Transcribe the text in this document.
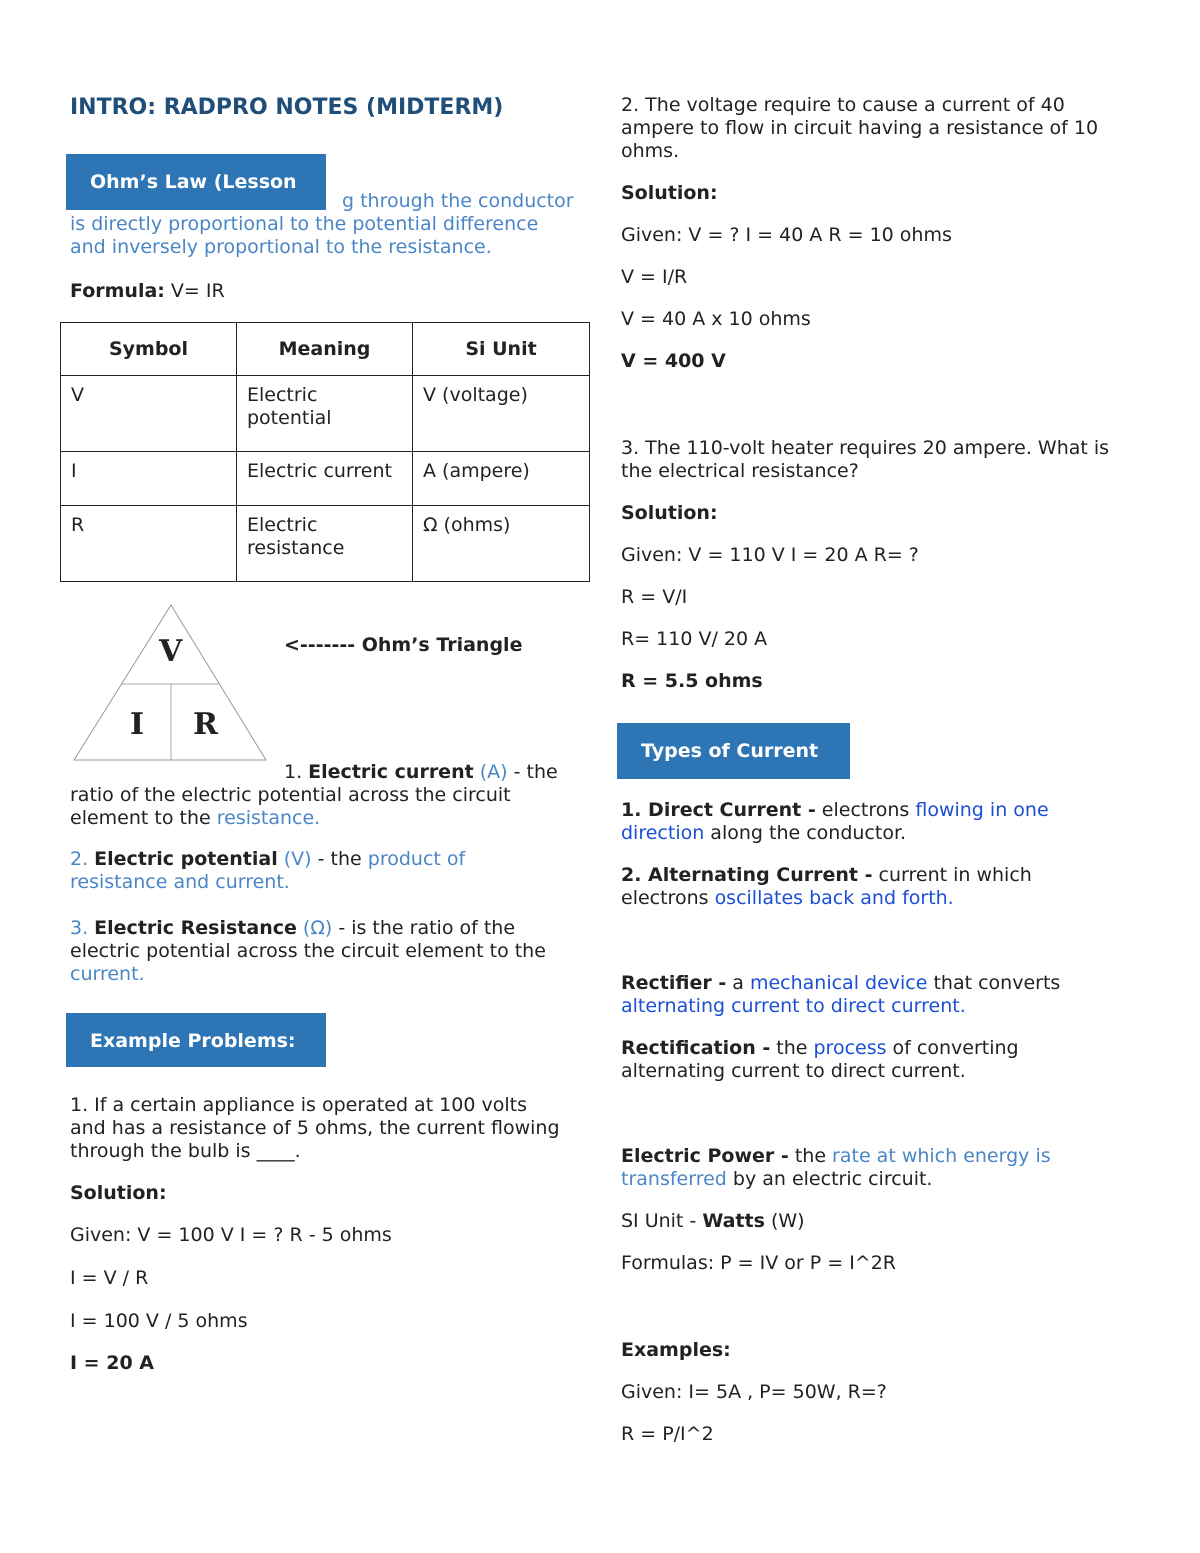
INTRO: RADPRO NOTES (MIDTERM)

g through the conductor

is directly proportional to the potential difference

and inversely proportional to the resistance.

Ohm’s Law (Lesson
Formula: V= IR
Symbol	Meaning	Si Unit
V	Electric potential	V (voltage)
I	Electric current	A (ampere)
R	Electric resistance	Ω (ohms)
V
I R
<------- Ohm’s Triangle

1. Electric current (A) - the

ratio of the electric potential across the circuit

element to the resistance.

2. Electric potential (V) - the product of

resistance and current.

3. Electric Resistance (Ω) - is the ratio of the

electric potential across the circuit element to the

current.

Example Problems:

1. If a certain appliance is operated at 100 volts

and has a resistance of 5 ohms, the current flowing

through the bulb is ____.

Solution:

Given: V = 100 V I = ? R - 5 ohms

I = V / R

I = 100 V / 5 ohms

I = 20 A

2. The voltage require to cause a current of 40

ampere to flow in circuit having a resistance of 10

ohms.

Solution:

Given: V = ? I = 40 A R = 10 ohms

V = I/R

V = 40 A x 10 ohms

V = 400 V

3. The 110-volt heater requires 20 ampere. What is

the electrical resistance?

Solution:

Given: V = 110 V I = 20 A R= ?

R = V/I

R= 110 V/ 20 A

R = 5.5 ohms

Types of Current

1. Direct Current - electrons flowing in one

direction along the conductor.

2. Alternating Current - current in which

electrons oscillates back and forth.

Rectifier - a mechanical device that converts

alternating current to direct current.

Rectification - the process of converting

alternating current to direct current.

Electric Power - the rate at which energy is

transferred by an electric circuit.

SI Unit - Watts (W)

Formulas: P = IV or P = I^2R

Examples:

Given: I= 5A , P= 50W, R=?

R = P/I^2
